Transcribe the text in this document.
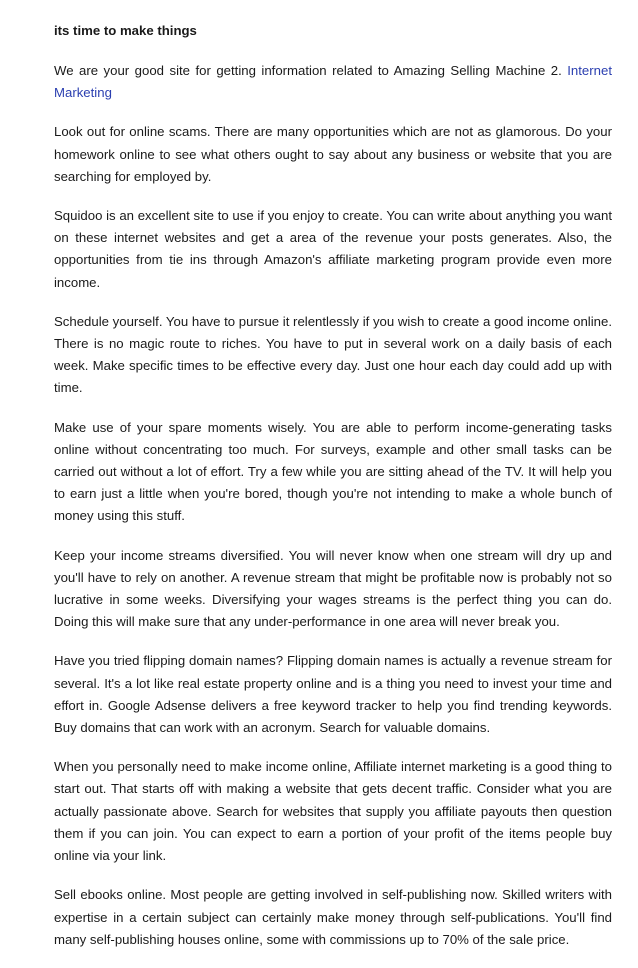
its time to make things

We are your good site for getting information related to Amazing Selling Machine 2. Internet Marketing

Look out for online scams. There are many opportunities which are not as glamorous. Do your homework online to see what others ought to say about any business or website that you are searching for employed by.

Squidoo is an excellent site to use if you enjoy to create. You can write about anything you want on these internet websites and get a area of the revenue your posts generates. Also, the opportunities from tie ins through Amazon's affiliate marketing program provide even more income.

Schedule yourself. You have to pursue it relentlessly if you wish to create a good income online. There is no magic route to riches. You have to put in several work on a daily basis of each week. Make specific times to be effective every day. Just one hour each day could add up with time.

Make use of your spare moments wisely. You are able to perform income-generating tasks online without concentrating too much. For surveys, example and other small tasks can be carried out without a lot of effort. Try a few while you are sitting ahead of the TV. It will help you to earn just a little when you're bored, though you're not intending to make a whole bunch of money using this stuff.

Keep your income streams diversified. You will never know when one stream will dry up and you'll have to rely on another. A revenue stream that might be profitable now is probably not so lucrative in some weeks. Diversifying your wages streams is the perfect thing you can do. Doing this will make sure that any under-performance in one area will never break you.

Have you tried flipping domain names? Flipping domain names is actually a revenue stream for several. It's a lot like real estate property online and is a thing you need to invest your time and effort in. Google Adsense delivers a free keyword tracker to help you find trending keywords. Buy domains that can work with an acronym. Search for valuable domains.

When you personally need to make income online, Affiliate internet marketing is a good thing to start out. That starts off with making a website that gets decent traffic. Consider what you are actually passionate above. Search for websites that supply you affiliate payouts then question them if you can join. You can expect to earn a portion of your profit of the items people buy online via your link.

Sell ebooks online. Most people are getting involved in self-publishing now. Skilled writers with expertise in a certain subject can certainly make money through self-publications. You'll find many self-publishing houses online, some with commissions up to 70% of the sale price.
